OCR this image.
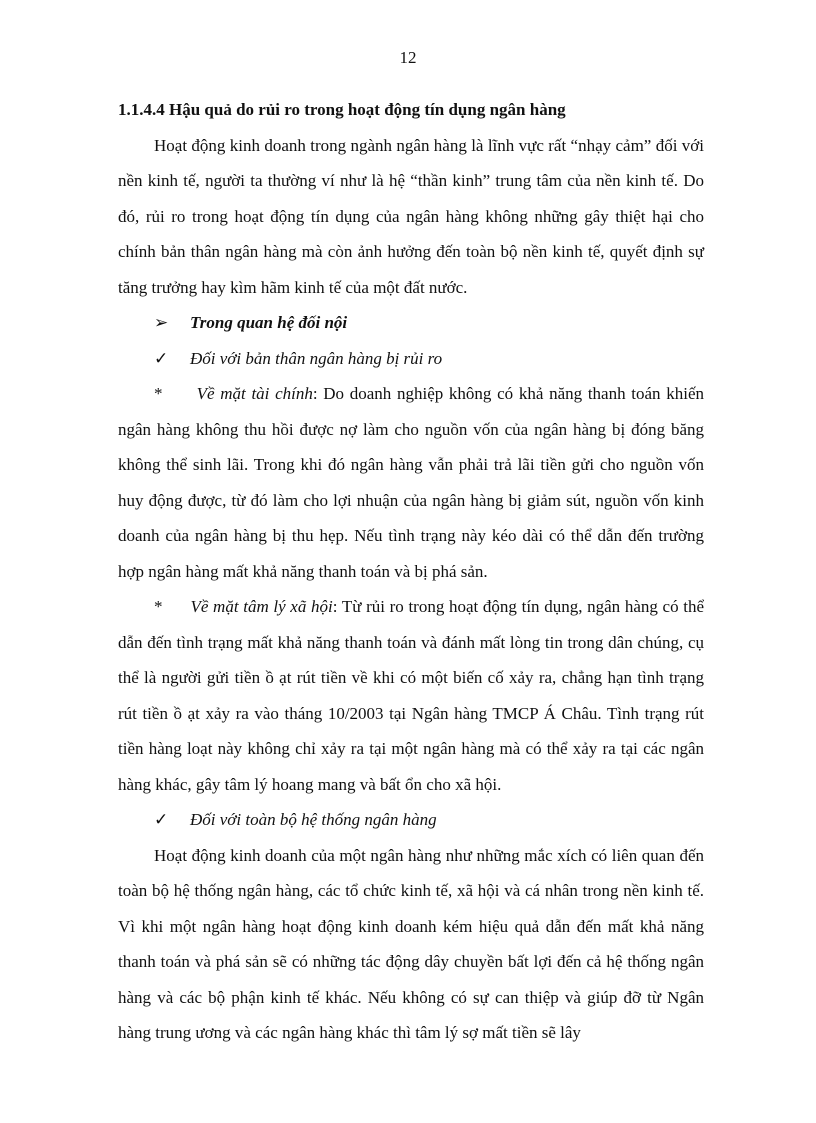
12

1.1.4.4 Hậu quả do rủi ro trong hoạt động tín dụng ngân hàng

Hoạt động kinh doanh trong ngành ngân hàng là lĩnh vực rất “nhạy cảm” đối với nền kinh tế, người ta thường ví như là hệ “thần kinh” trung tâm của nền kinh tế. Do đó, rủi ro trong hoạt động tín dụng của ngân hàng không những gây thiệt hại cho chính bản thân ngân hàng mà còn ảnh hưởng đến toàn bộ nền kinh tế, quyết định sự tăng trưởng hay kìm hãm kinh tế của một đất nước.

➢ Trong quan hệ đối nội

✓ Đối với bản thân ngân hàng bị rủi ro

* Về mặt tài chính: Do doanh nghiệp không có khả năng thanh toán khiến ngân hàng không thu hồi được nợ làm cho nguồn vốn của ngân hàng bị đóng băng không thể sinh lãi. Trong khi đó ngân hàng vẫn phải trả lãi tiền gửi cho nguồn vốn huy động được, từ đó làm cho lợi nhuận của ngân hàng bị giảm sút, nguồn vốn kinh doanh của ngân hàng bị thu hẹp. Nếu tình trạng này kéo dài có thể dẫn đến trường hợp ngân hàng mất khả năng thanh toán và bị phá sản.

* Về mặt tâm lý xã hội: Từ rủi ro trong hoạt động tín dụng, ngân hàng có thể dẫn đến tình trạng mất khả năng thanh toán và đánh mất lòng tin trong dân chúng, cụ thể là người gửi tiền ồ ạt rút tiền về khi có một biến cố xảy ra, chẳng hạn tình trạng rút tiền ồ ạt xảy ra vào tháng 10/2003 tại Ngân hàng TMCP Á Châu. Tình trạng rút tiền hàng loạt này không chỉ xảy ra tại một ngân hàng mà có thể xảy ra tại các ngân hàng khác, gây tâm lý hoang mang và bất ổn cho xã hội.

✓ Đối với toàn bộ hệ thống ngân hàng

Hoạt động kinh doanh của một ngân hàng như những mắc xích có liên quan đến toàn bộ hệ thống ngân hàng, các tổ chức kinh tế, xã hội và cá nhân trong nền kinh tế. Vì khi một ngân hàng hoạt động kinh doanh kém hiệu quả dẫn đến mất khả năng thanh toán và phá sản sẽ có những tác động dây chuyền bất lợi đến cả hệ thống ngân hàng và các bộ phận kinh tế khác. Nếu không có sự can thiệp và giúp đỡ từ Ngân hàng trung ương và các ngân hàng khác thì tâm lý sợ mất tiền sẽ lây
